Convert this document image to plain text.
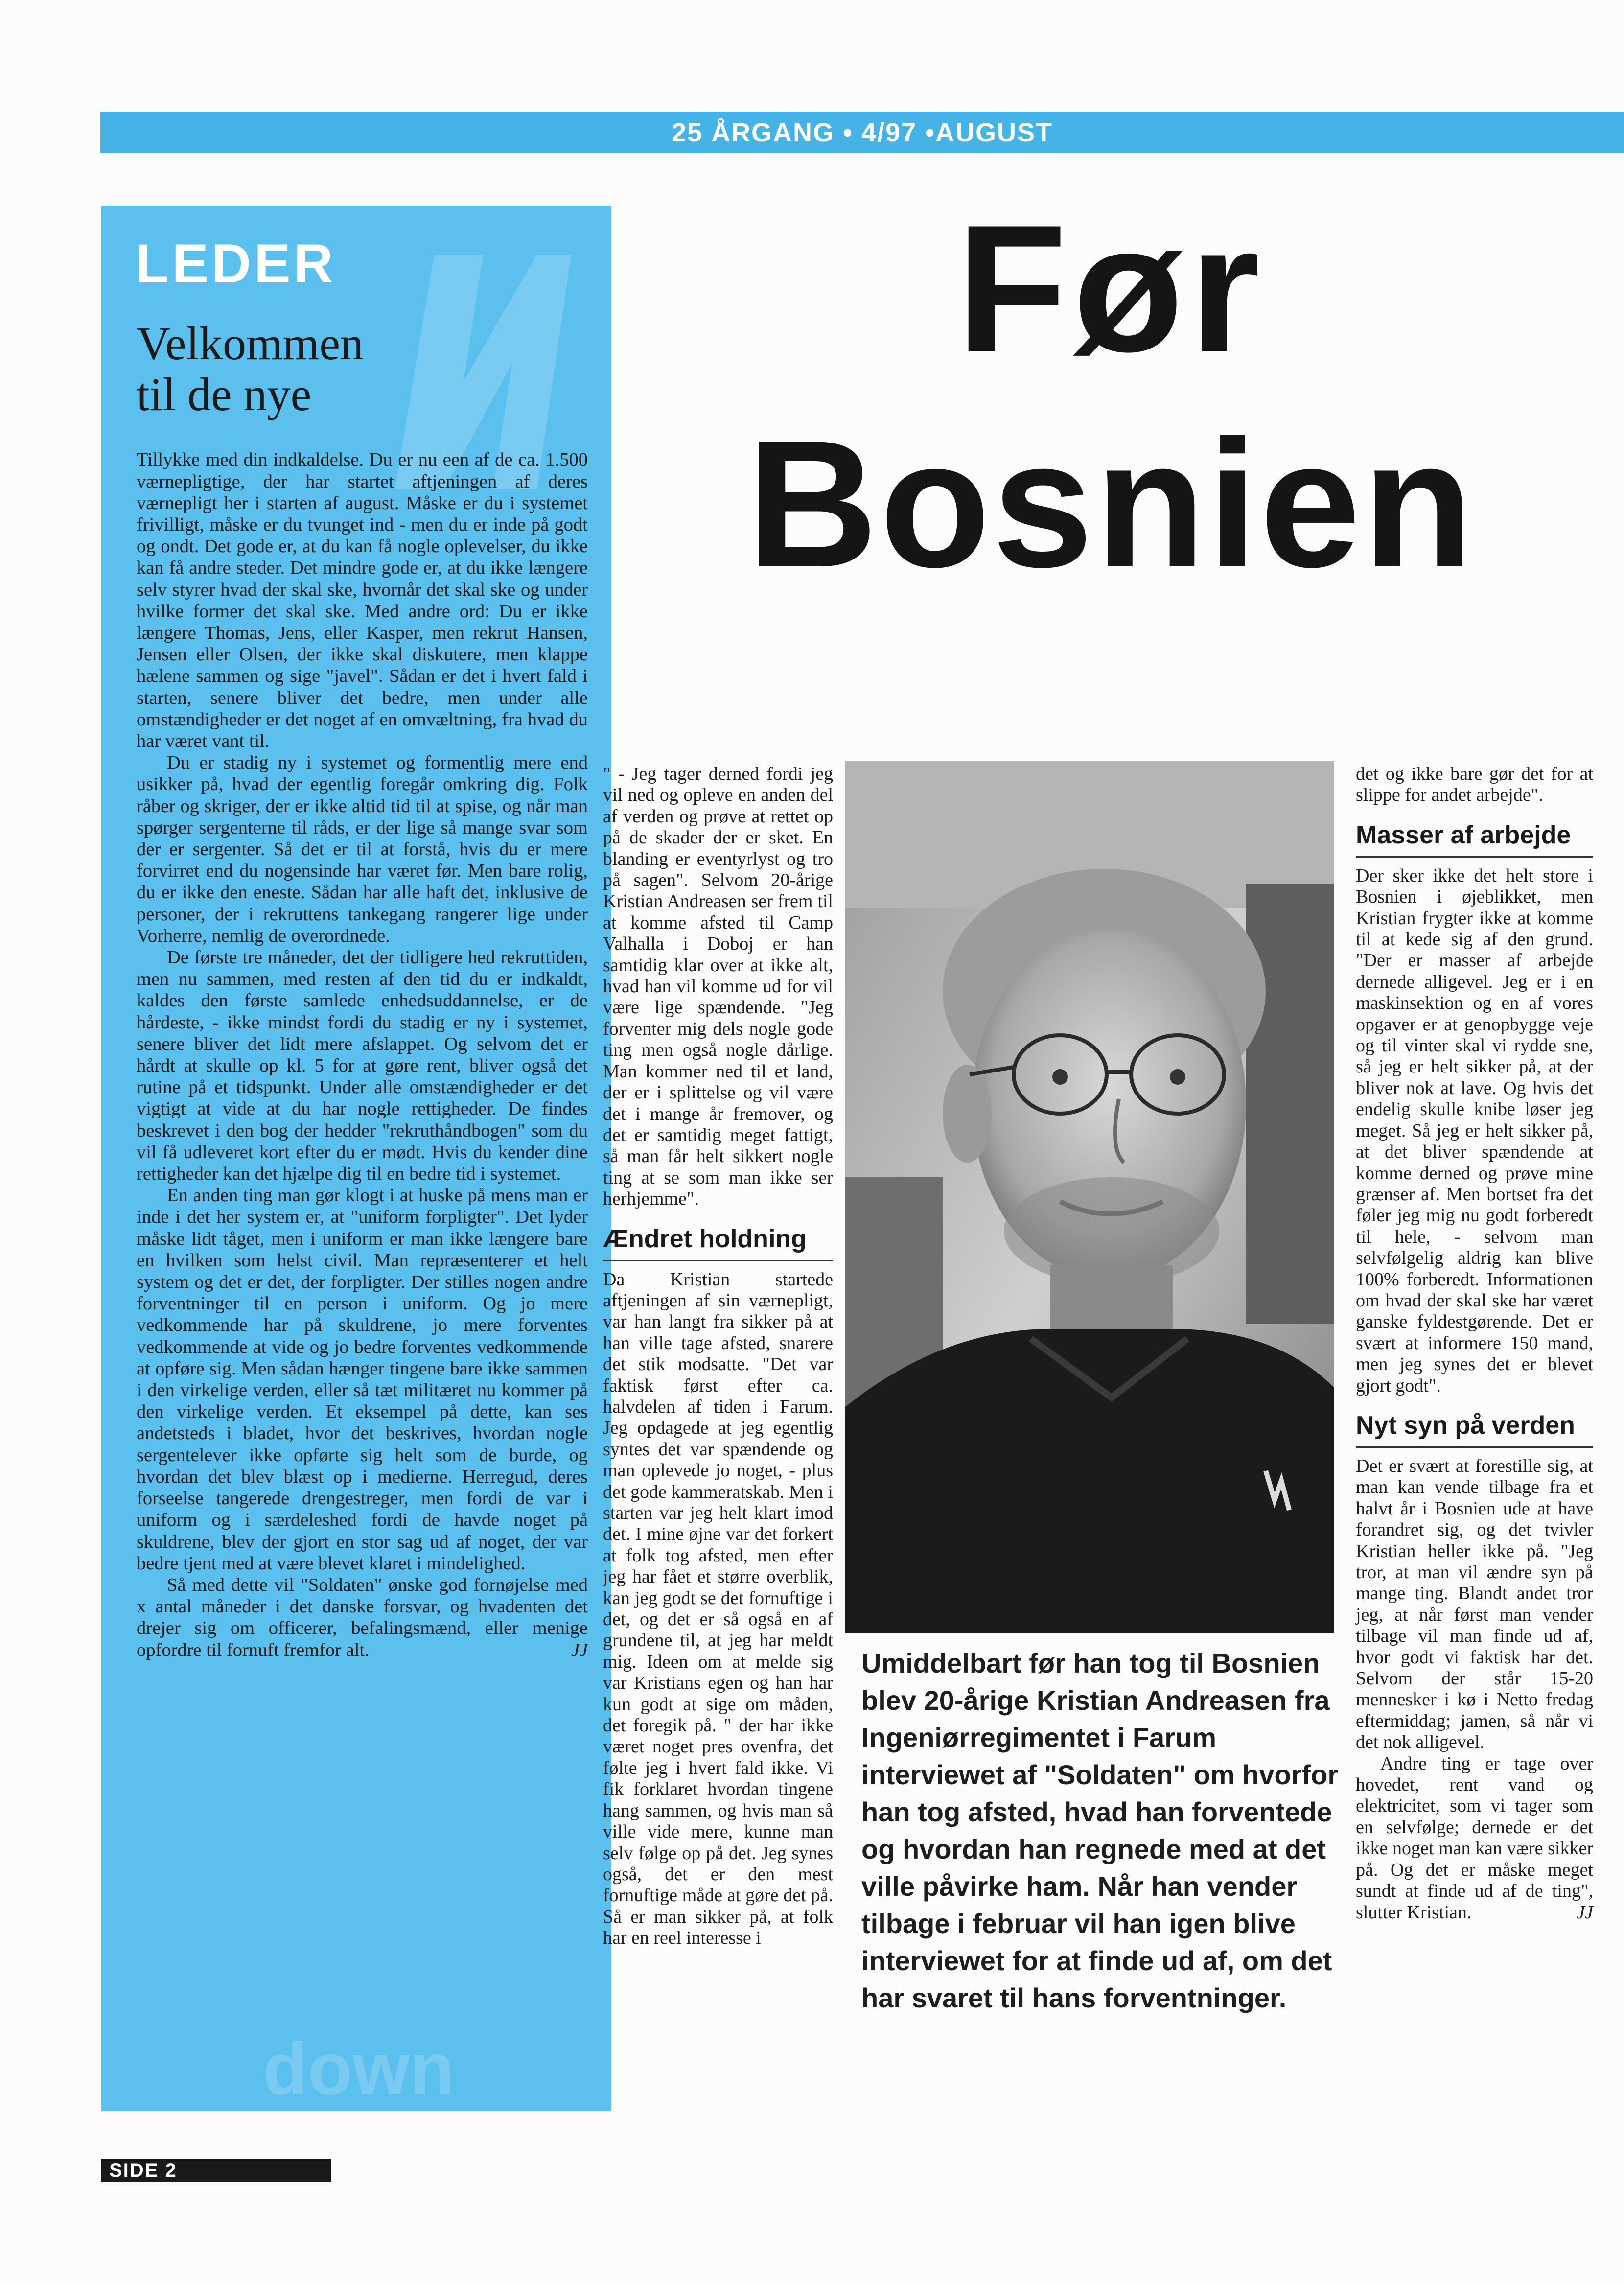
25 ÅRGANG • 4/97 •AUGUST
down
LEDER
Velkommen
til de nye

Tillykke med din indkaldelse. Du er nu een af de ca. 1.500 værnepligtige, der har startet aftjeningen af deres værnepligt her i starten af august. Måske er du i systemet frivilligt, måske er du tvunget ind - men du er inde på godt og ondt. Det gode er, at du kan få nogle oplevelser, du ikke kan få andre steder. Det mindre gode er, at du ikke længere selv styrer hvad der skal ske, hvornår det skal ske og under hvilke former det skal ske. Med andre ord: Du er ikke længere Thomas, Jens, eller Kasper, men rekrut Hansen, Jensen eller Olsen, der ikke skal diskutere, men klappe hælene sammen og sige "javel". Sådan er det i hvert fald i starten, senere bliver det bedre, men under alle omstændigheder er det noget af en omvæltning, fra hvad du har været vant til.

Du er stadig ny i systemet og formentlig mere end usikker på, hvad der egentlig foregår omkring dig. Folk råber og skriger, der er ikke altid tid til at spise, og når man spørger sergenterne til råds, er der lige så mange svar som der er sergenter. Så det er til at forstå, hvis du er mere forvirret end du nogensinde har været før. Men bare rolig, du er ikke den eneste. Sådan har alle haft det, inklusive de personer, der i rekruttens tankegang rangerer lige under Vorherre, nemlig de overordnede.

De første tre måneder, det der tidligere hed rekruttiden, men nu sammen, med resten af den tid du er indkaldt, kaldes den første samlede enhedsuddannelse, er de hårdeste, - ikke mindst fordi du stadig er ny i systemet, senere bliver det lidt mere afslappet. Og selvom det er hårdt at skulle op kl. 5 for at gøre rent, bliver også det rutine på et tidspunkt. Under alle omstændigheder er det vigtigt at vide at du har nogle rettigheder. De findes beskrevet i den bog der hedder "rekruthåndbogen" som du vil få udleveret kort efter du er mødt. Hvis du kender dine rettigheder kan det hjælpe dig til en bedre tid i systemet.

En anden ting man gør klogt i at huske på mens man er inde i det her system er, at "uniform forpligter". Det lyder måske lidt tåget, men i uniform er man ikke længere bare en hvilken som helst civil. Man repræsenterer et helt system og det er det, der forpligter. Der stilles nogen andre forventninger til en person i uniform. Og jo mere vedkommende har på skuldrene, jo mere forventes vedkommende at vide og jo bedre forventes vedkommende at opføre sig. Men sådan hænger tingene bare ikke sammen i den virkelige verden, eller så tæt militæret nu kommer på den virkelige verden. Et eksempel på dette, kan ses andetsteds i bladet, hvor det beskrives, hvordan nogle sergentelever ikke opførte sig helt som de burde, og hvordan det blev blæst op i medierne. Herregud, deres forseelse tangerede drengestreger, men fordi de var i uniform og i særdeleshed fordi de havde noget på skuldrene, blev der gjort en stor sag ud af noget, der var bedre tjent med at være blevet klaret i mindelighed.

Så med dette vil "Soldaten" ønske god fornøjelse med x antal måneder i det danske forsvar, og hvadenten det drejer sig om officerer, befalingsmænd, eller menige opfordre til fornuft fremfor alt.	JJ

Før
Bosnien

" - Jeg tager derned fordi jeg vil ned og opleve en anden del af verden og prøve at rettet op på de skader der er sket. En blanding er eventyrlyst og tro på sagen". Selvom 20-årige Kristian Andreasen ser frem til at komme afsted til Camp Valhalla i Doboj er han samtidig klar over at ikke alt, hvad han vil komme ud for vil være lige spændende. "Jeg forventer mig dels nogle gode ting men også nogle dårlige. Man kommer ned til et land, der er i splittelse og vil være det i mange år fremover, og det er samtidig meget fattigt, så man får helt sikkert nogle ting at se som man ikke ser herhjemme".

Ændret holdning

Da Kristian startede aftjeningen af sin værnepligt, var han langt fra sikker på at han ville tage afsted, snarere det stik modsatte. "Det var faktisk først efter ca. halvdelen af tiden i Farum. Jeg opdagede at jeg egentlig syntes det var spændende og man oplevede jo noget, - plus det gode kammeratskab. Men i starten var jeg helt klart imod det. I mine øjne var det forkert at folk tog afsted, men efter jeg har fået et større overblik, kan jeg godt se det fornuftige i det, og det er så også en af grundene til, at jeg har meldt mig. Ideen om at melde sig var Kristians egen og han har kun godt at sige om måden, det foregik på. " der har ikke været noget pres ovenfra, det følte jeg i hvert fald ikke. Vi fik forklaret hvordan tingene hang sammen, og hvis man så ville vide mere, kunne man selv følge op på det. Jeg synes også, det er den mest fornuftige måde at gøre det på. Så er man sikker på, at folk har en reel interesse i

det og ikke bare gør det for at slippe for andet arbejde".

Masser af arbejde

Der sker ikke det helt store i Bosnien i øjeblikket, men Kristian frygter ikke at komme til at kede sig af den grund. "Der er masser af arbejde dernede alligevel. Jeg er i en maskinsektion og en af vores opgaver er at genopbygge veje og til vinter skal vi rydde sne, så jeg er helt sikker på, at der bliver nok at lave. Og hvis det endelig skulle knibe løser jeg meget. Så jeg er helt sikker på, at det bliver spændende at komme derned og prøve mine grænser af. Men bortset fra det føler jeg mig nu godt forberedt til hele, - selvom man selvfølgelig aldrig kan blive 100% forberedt. Informationen om hvad der skal ske har været ganske fyldestgørende. Det er svært at informere 150 mand, men jeg synes det er blevet gjort godt".

Nyt syn på verden

Det er svært at forestille sig, at man kan vende tilbage fra et halvt år i Bosnien ude at have forandret sig, og det tvivler Kristian heller ikke på. "Jeg tror, at man vil ændre syn på mange ting. Blandt andet tror jeg, at når først man vender tilbage vil man finde ud af, hvor godt vi faktisk har det. Selvom der står 15-20 mennesker i kø i Netto fredag eftermiddag; jamen, så når vi det nok alligevel.

Andre ting er tage over hovedet, rent vand og elektricitet, som vi tager som en selvfølge; dernede er det ikke noget man kan være sikker på. Og det er måske meget sundt at finde ud af de ting", slutter Kristian.	JJ

Umiddelbart før han tog til Bosnien blev 20-årige Kristian Andreasen fra Ingeniørregimentet i Farum interviewet af "Soldaten" om hvorfor han tog afsted, hvad han forventede og hvordan han regnede med at det ville påvirke ham. Når han vender tilbage i februar vil han igen blive interviewet for at finde ud af, om det har svaret til hans forventninger.
SIDE 2
